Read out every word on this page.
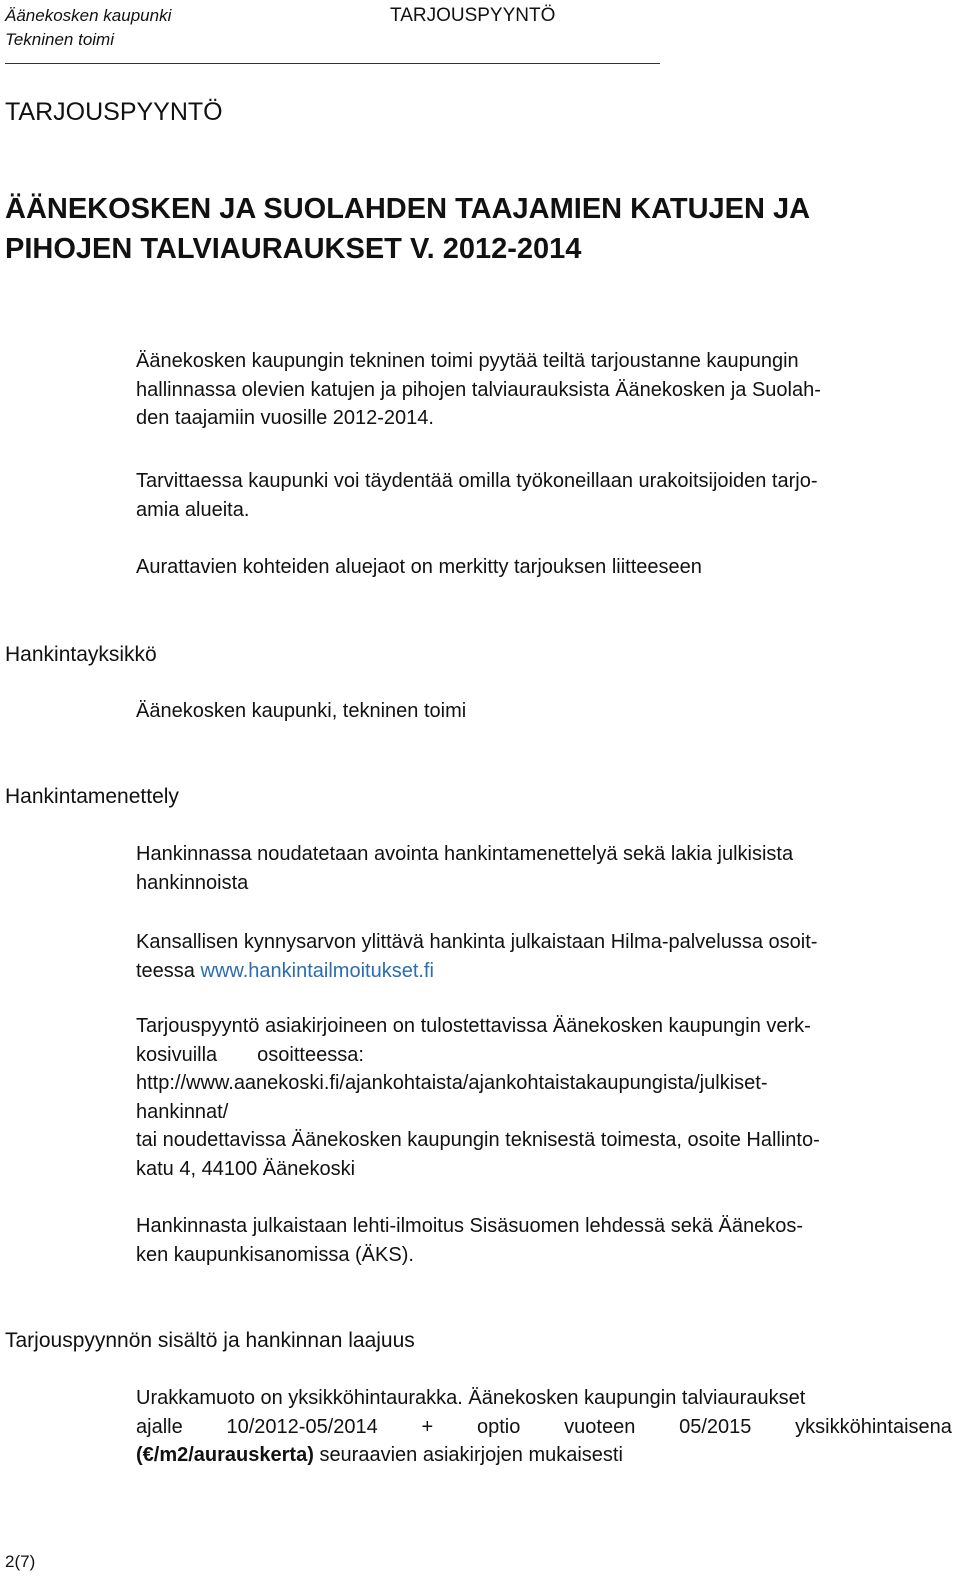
Äänekosken kaupunki
Tekninen toimi
TARJOUSPYYNTÖ
TARJOUSPYYNTÖ
ÄÄNEKOSKEN JA SUOLAHDEN TAAJAMIEN KATUJEN JA
PIHOJEN TALVIAURAUKSET V. 2012-2014
Äänekosken kaupungin tekninen toimi pyytää teiltä tarjoustanne kaupungin
hallinnassa olevien katujen ja pihojen talviaurauksista Äänekosken ja Suolah-
den taajamiin vuosille 2012-2014.
Tarvittaessa kaupunki voi täydentää omilla työkoneillaan urakoitsijoiden tarjo-
amia alueita.
Aurattavien kohteiden aluejaot on merkitty tarjouksen liitteeseen
Hankintayksikkö
Äänekosken kaupunki, tekninen toimi
Hankintamenettely
Hankinnassa noudatetaan avointa hankintamenettelyä sekä lakia julkisista
hankinnoista
Kansallisen kynnysarvon ylittävä hankinta julkaistaan Hilma-palvelussa osoit-
teessa www.hankintailmoitukset.fi
Tarjouspyyntö asiakirjoineen on tulostettavissa Äänekosken kaupungin verk-
kosivuilla osoitteessa:
http://www.aanekoski.fi/ajankohtaista/ajankohtaistakaupungista/julkiset-
hankinnat/
tai noudettavissa Äänekosken kaupungin teknisestä toimesta, osoite Hallinto-
katu 4, 44100 Äänekoski
Hankinnasta julkaistaan lehti-ilmoitus Sisäsuomen lehdessä sekä Äänekos-
ken kaupunkisanomissa (ÄKS).
Tarjouspyynnön sisältö ja hankinnan laajuus
Urakkamuoto on yksikköhintaurakka. Äänekosken kaupungin talviauraukset
ajalle 10/2012-05/2014 + optio vuoteen 05/2015 yksikköhintaisena
(€/m2/aurauskerta) seuraavien asiakirjojen mukaisesti
2(7)
